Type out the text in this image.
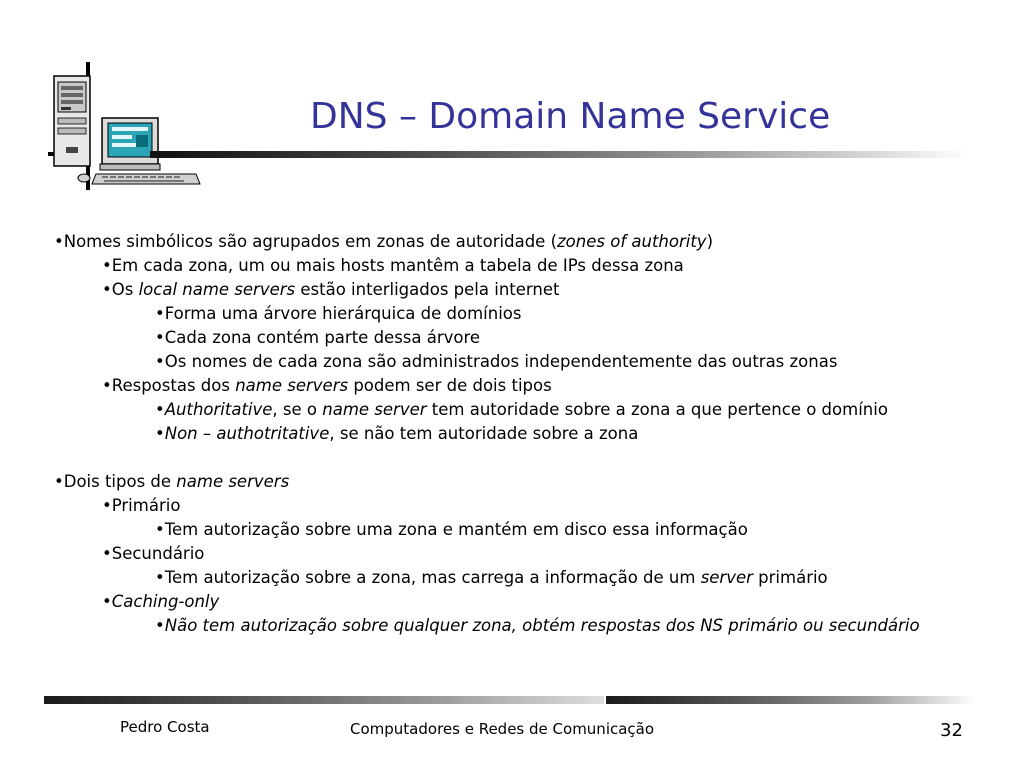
DNS – Domain Name Service
•Nomes simbólicos são agrupados em zonas de autoridade (zones of authority)
•Em cada zona, um ou mais hosts mantêm a tabela de IPs dessa zona
•Os local name servers estão interligados pela internet
•Forma uma árvore hierárquica de domínios
•Cada zona contém parte dessa árvore
•Os nomes de cada zona são administrados independentemente das outras zonas
•Respostas dos name servers podem ser de dois tipos
•Authoritative, se o name server tem autoridade sobre a zona a que pertence o domínio
•Non – authotritative, se não tem autoridade sobre a zona
•Dois tipos de name servers
•Primário
•Tem autorização sobre uma zona e mantém em disco essa informação
•Secundário
•Tem autorização sobre a zona, mas carrega a informação de um server primário
•Caching-only
•Não tem autorização sobre qualquer zona, obtém respostas dos NS primário ou secundário
Pedro Costa	Computadores e Redes de Comunicação	32
